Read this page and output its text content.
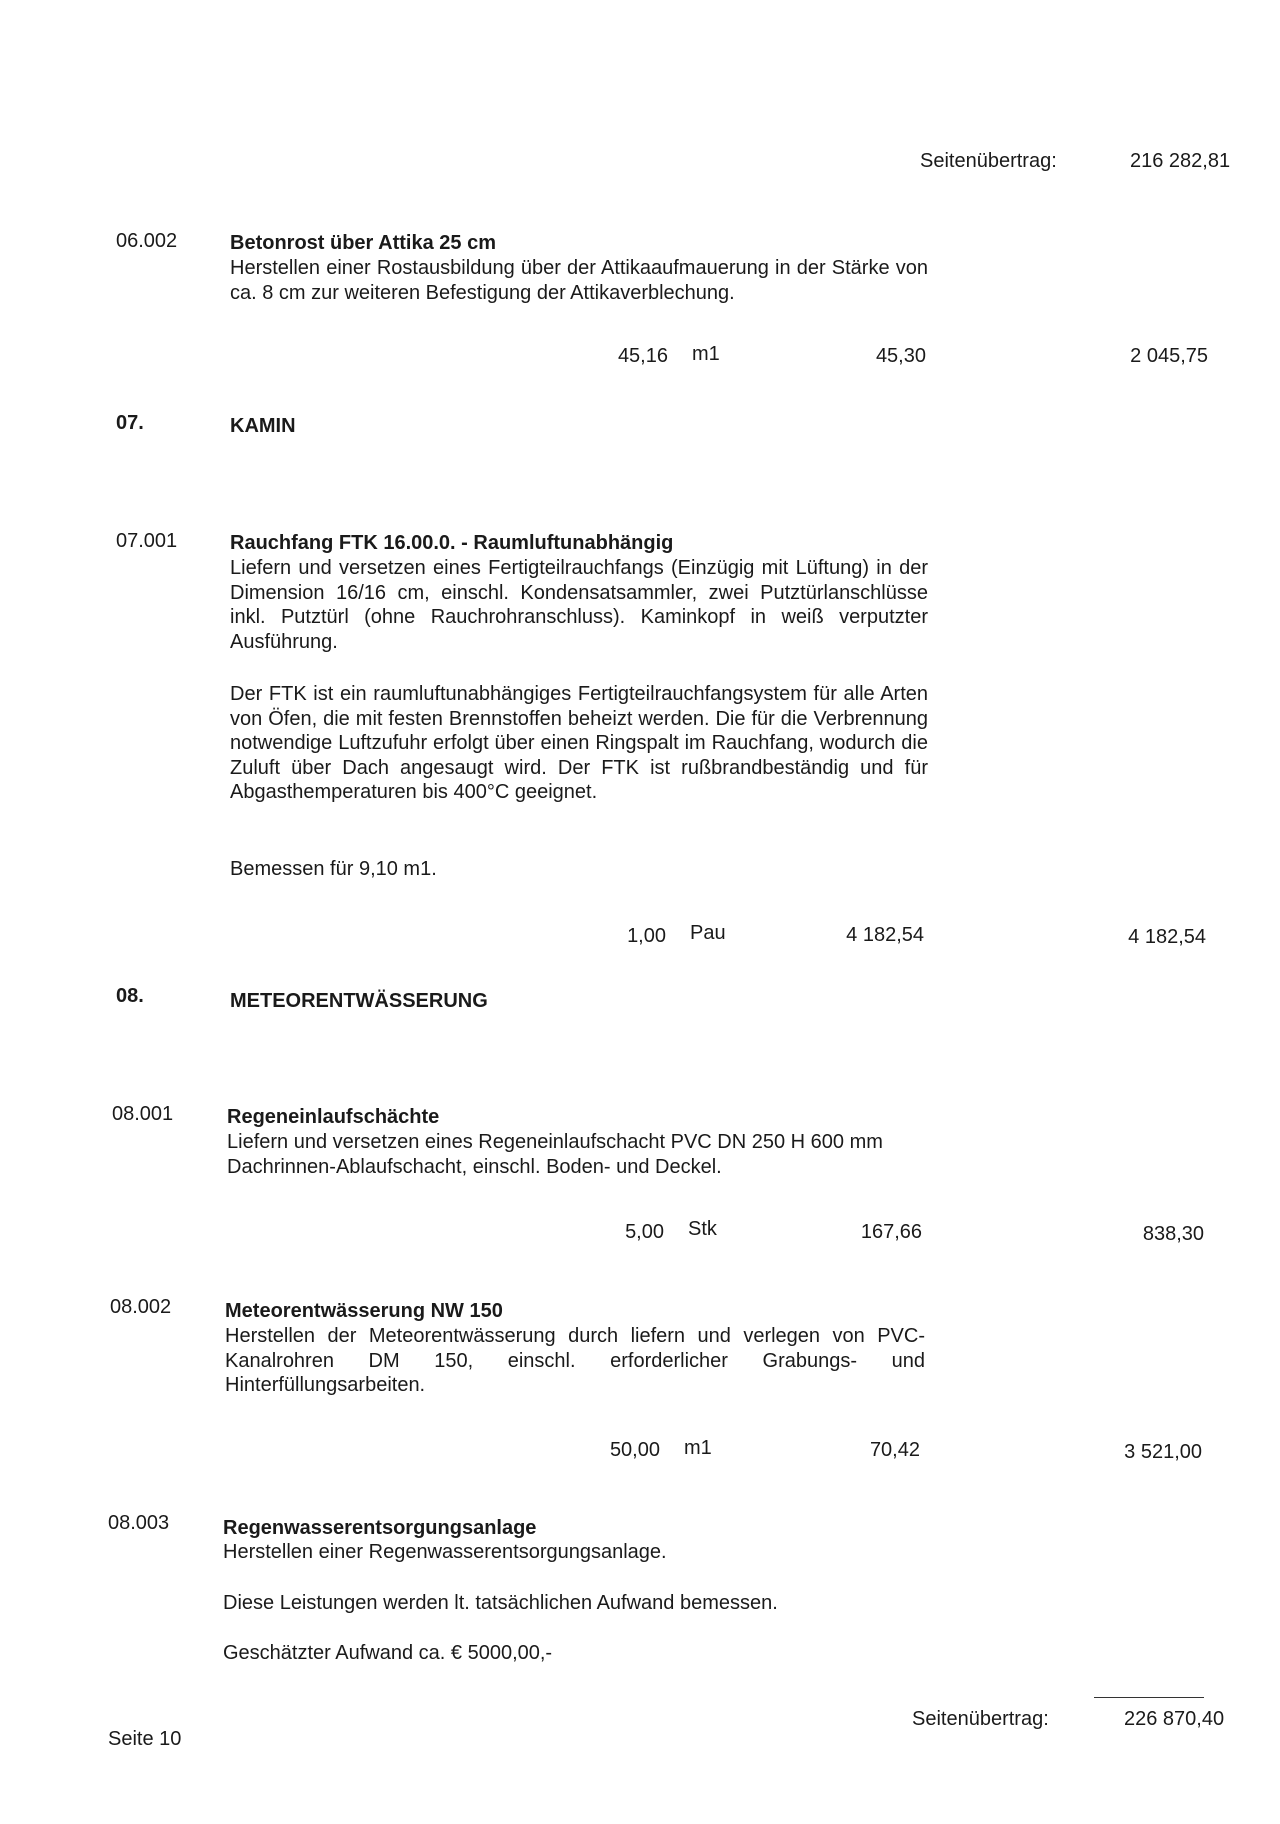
Seitenübertrag:	216 282,81
06.002	Betonrost über Attika 25 cm

Herstellen einer Rostausbildung über der Attikaaufmauerung in der Stärke von ca. 8 cm zur weiteren Befestigung der Attikaverblechung.

45,16 m1	45,30	2 045,75
07.	KAMIN
07.001	Rauchfang FTK 16.00.0. - Raumluftunabhängig

Liefern und versetzen eines Fertigteilrauchfangs (Einzügig mit Lüftung) in der Dimension 16/16 cm, einschl. Kondensatsammler, zwei Putztürlanschlüsse inkl. Putztürl (ohne Rauchrohranschluss). Kaminkopf in weiß verputzter Ausführung.

Der FTK ist ein raumluftunabhängiges Fertigteilrauchfangsystem für alle Arten von Öfen, die mit festen Brennstoffen beheizt werden. Die für die Verbrennung notwendige Luftzufuhr erfolgt über einen Ringspalt im Rauchfang, wodurch die Zuluft über Dach angesaugt wird. Der FTK ist rußbrandbeständig und für Abgasthemperaturen bis 400°C geeignet.

Bemessen für 9,10 m1.
1,00 Pau	4 182,54	4 182,54
08.	METEORENTWÄSSERUNG
08.001	Regeneinlaufschächte

Liefern und versetzen eines Regeneinlaufschacht PVC DN 250 H 600 mm Dachrinnen-Ablaufschacht, einschl. Boden- und Deckel.

5,00 Stk	167,66	838,30
08.002	Meteorentwässerung NW 150

Herstellen der Meteorentwässerung durch liefern und verlegen von PVC-Kanalrohren DM 150, einschl. erforderlicher Grabungs- und Hinterfüllungsarbeiten.

50,00 m1	70,42	3 521,00
08.003	Regenwasserentsorgungsanlage
Herstellen einer Regenwasserentsorgungsanlage.
Diese Leistungen werden lt. tatsächlichen Aufwand bemessen.
Geschätzter Aufwand ca. € 5000,00,-
Seitenübertrag:	226 870,40
Seite 10
